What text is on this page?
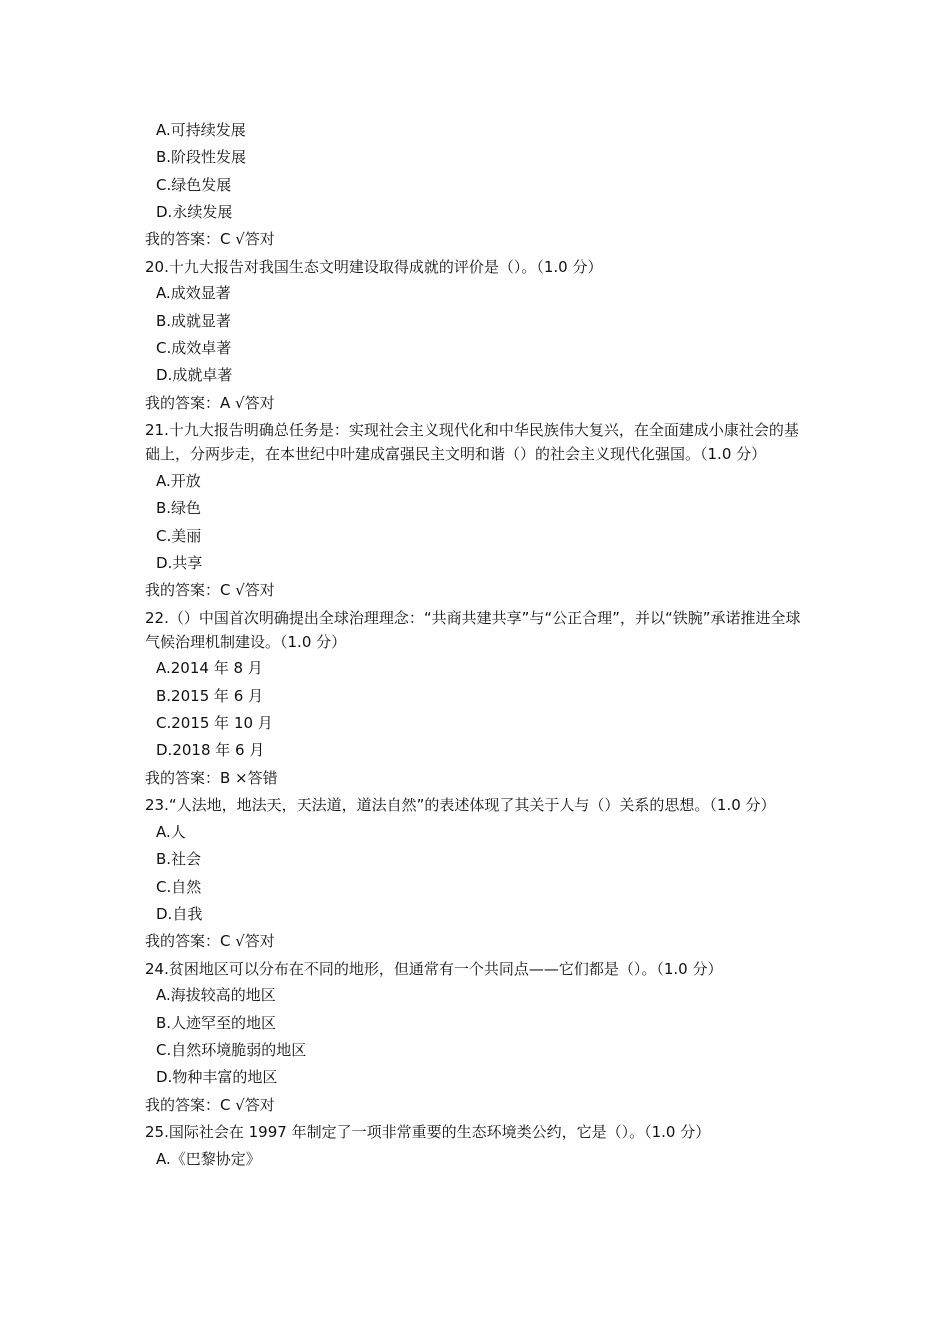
A.可持续发展
B.阶段性发展
C.绿色发展
D.永续发展
我的答案：C √答对
20.十九大报告对我国生态文明建设取得成就的评价是（）。（1.0 分）
A.成效显著
B.成就显著
C.成效卓著
D.成就卓著
我的答案：A √答对
21.十九大报告明确总任务是：实现社会主义现代化和中华民族伟大复兴，在全面建成小康社会的基础上，分两步走，在本世纪中叶建成富强民主文明和谐（）的社会主义现代化强国。（1.0 分）
A.开放
B.绿色
C.美丽
D.共享
我的答案：C √答对
22.（）中国首次明确提出全球治理理念：“共商共建共享”与“公正合理”，并以“铁腕”承诺推进全球气候治理机制建设。（1.0 分）
A.2014 年 8 月
B.2015 年 6 月
C.2015 年 10 月
D.2018 年 6 月
我的答案：B ×答错
23.“人法地，地法天，天法道，道法自然”的表述体现了其关于人与（）关系的思想。（1.0 分）
A.人
B.社会
C.自然
D.自我
我的答案：C √答对
24.贫困地区可以分布在不同的地形，但通常有一个共同点——它们都是（）。（1.0 分）
A.海拔较高的地区
B.人迹罕至的地区
C.自然环境脆弱的地区
D.物种丰富的地区
我的答案：C √答对
25.国际社会在 1997 年制定了一项非常重要的生态环境类公约，它是（）。（1.0 分）
A.《巴黎协定》
